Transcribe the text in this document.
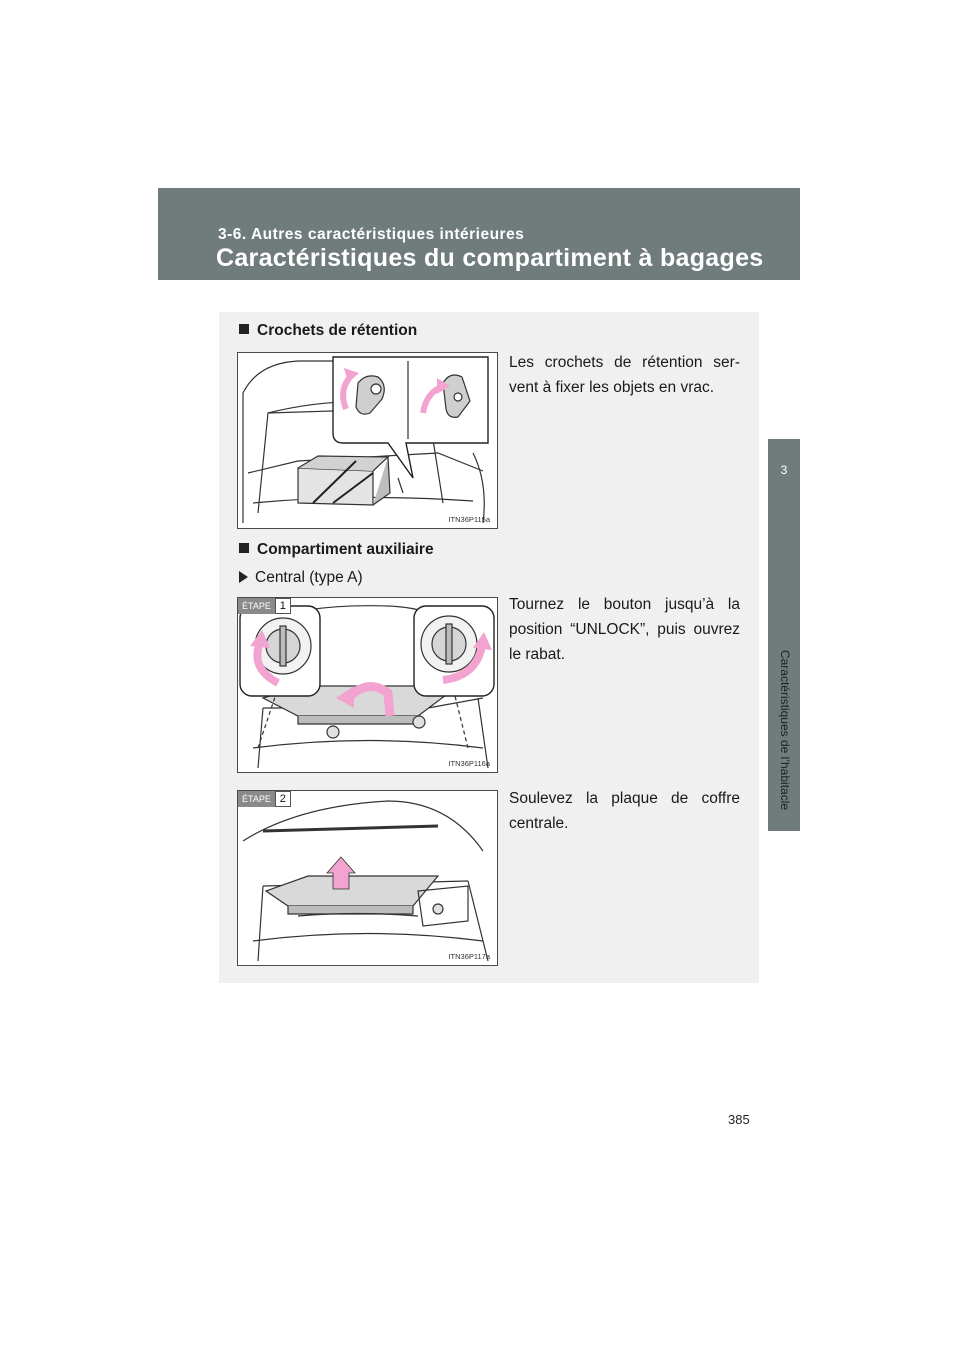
3-6. Autres caractéristiques intérieures
Caractéristiques du compartiment à bagages
3
Caractéristiques de l’habitacle
Crochets de rétention
ITN36P115a
Les crochets de rétention ser-vent à fixer les objets en vrac.
Compartiment auxiliaire
Central (type A)
ÉTAPE 1
ITN36P116a
Tournez le bouton jusqu’à la position “UNLOCK”, puis ouvrez le rabat.
ÉTAPE 2
ITN36P117a
Soulevez la plaque de coffre centrale.
385
